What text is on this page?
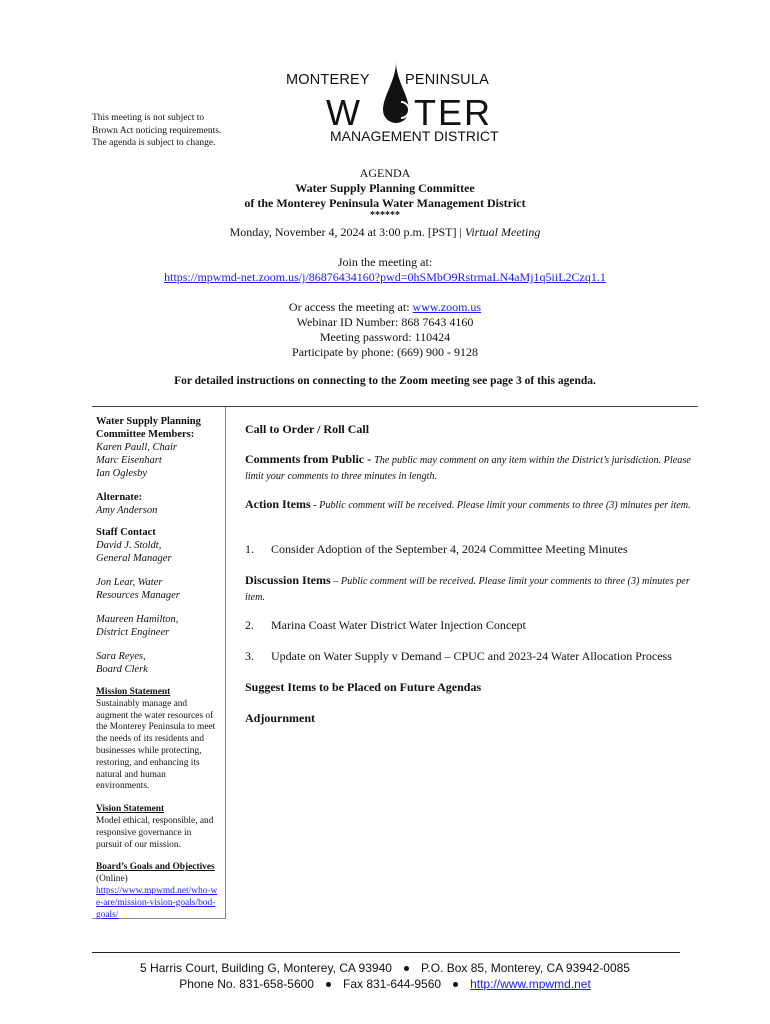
This meeting is not subject to
Brown Act noticing requirements.
The agenda is subject to change.
MONTEREY PENINSULA
W TER
MANAGEMENT DISTRICT
AGENDA
Water Supply Planning Committee
of the Monterey Peninsula Water Management District
******
Monday, November 4, 2024 at 3:00 p.m. [PST] | Virtual Meeting
Join the meeting at:
https://mpwmd-net.zoom.us/j/86876434160?pwd=0hSMbO9RstrmaLN4aMj1q5iiL2Czq1.1
Or access the meeting at: www.zoom.us
Webinar ID Number: 868 7643 4160
Meeting password: 110424
Participate by phone: (669) 900 - 9128
For detailed instructions on connecting to the Zoom meeting see page 3 of this agenda.
Water Supply Planning Committee Members:
Karen Paull, Chair
Marc Eisenhart
Ian Oglesby
Alternate:
Amy Anderson
Staff Contact
David J. Stoldt,
General Manager
Jon Lear, Water
Resources Manager
Maureen Hamilton,
District Engineer
Sara Reyes,
Board Clerk
Mission Statement
Sustainably manage and augment the water resources of the Monterey Peninsula to meet the needs of its residents and businesses while protecting, restoring, and enhancing its natural and human environments.
Vision Statement
Model ethical, responsible, and responsive governance in pursuit of our mission.
Board’s Goals and Objectives (Online)
https://www.mpwmd.net/who-we-are/mission-vision-goals/bod-goals/
Call to Order / Roll Call
Comments from Public - The public may comment on any item within the District’s jurisdiction. Please limit your comments to three minutes in length.
Action Items - Public comment will be received. Please limit your comments to three (3) minutes per item.
1. Consider Adoption of the September 4, 2024 Committee Meeting Minutes
Discussion Items – Public comment will be received. Please limit your comments to three (3) minutes per item.
2. Marina Coast Water District Water Injection Concept
3. Update on Water Supply v Demand – CPUC and 2023-24 Water Allocation Process
Suggest Items to be Placed on Future Agendas
Adjournment
5 Harris Court, Building G, Monterey, CA 93940 P.O. Box 85, Monterey, CA 93942-0085
Phone No. 831-658-5600 Fax 831-644-9560 http://www.mpwmd.net
